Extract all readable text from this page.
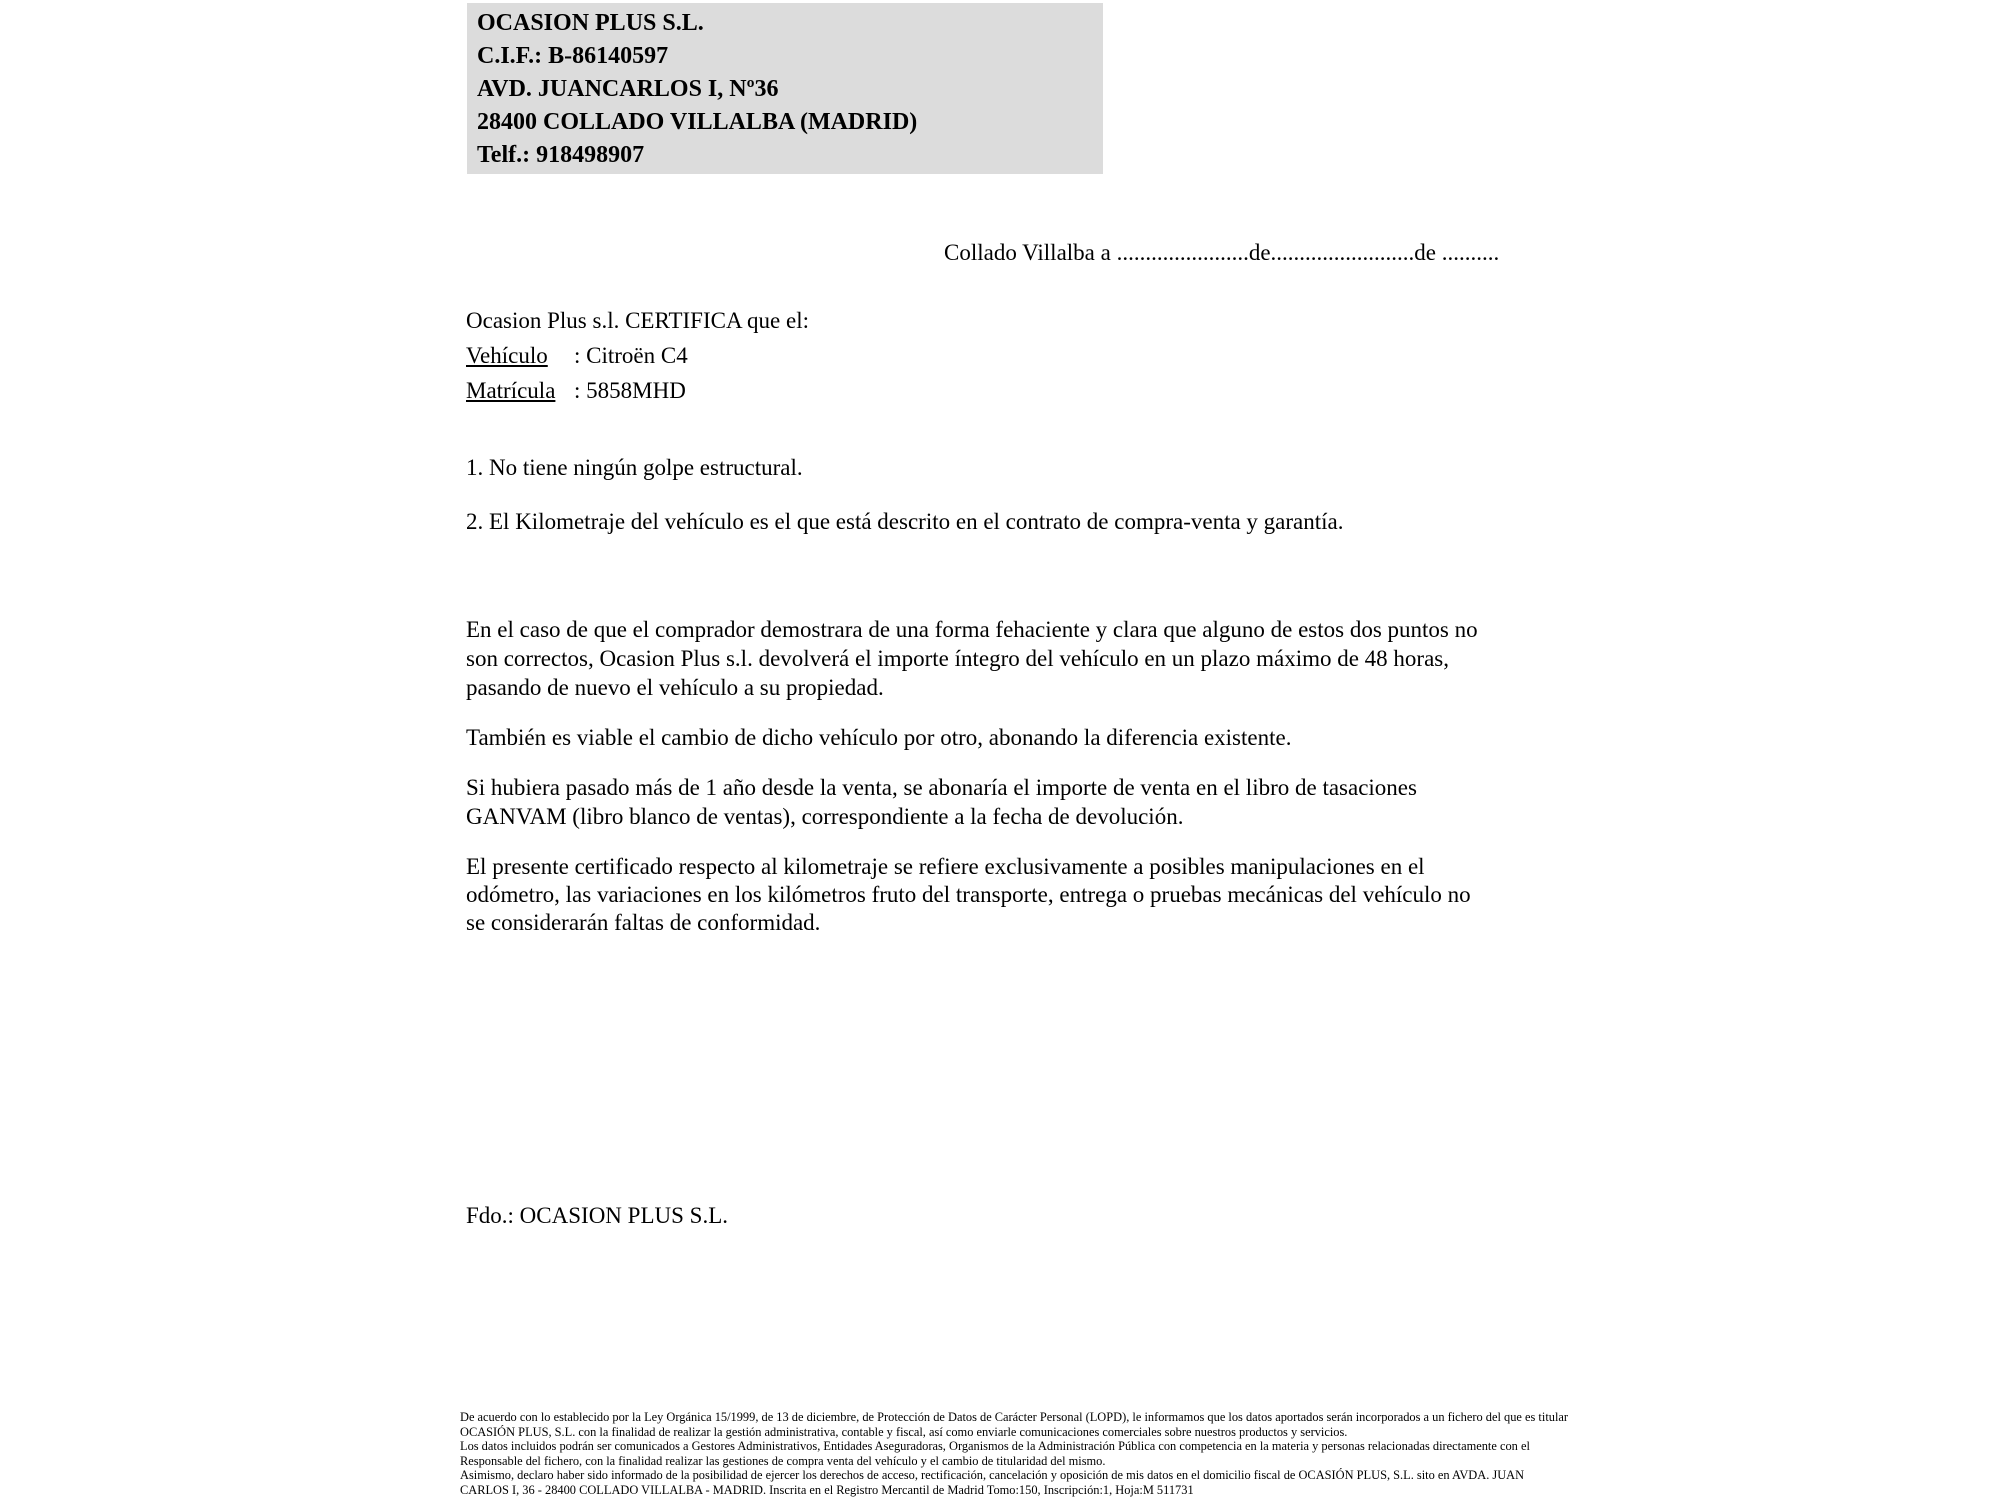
OCASION PLUS S.L.
C.I.F.: B-86140597
AVD. JUANCARLOS I, Nº36
28400 COLLADO VILLALBA (MADRID)
Telf.: 918498907
Collado Villalba a .......................de.........................de ..........
Ocasion Plus s.l. CERTIFICA que el:
Vehículo : Citroën C4
Matrícula : 5858MHD
1. No tiene ningún golpe estructural.
2. El Kilometraje del vehículo es el que está descrito en el contrato de compra-venta y garantía.
En el caso de que el comprador demostrara de una forma fehaciente y clara que alguno de estos dos puntos no
son correctos, Ocasion Plus s.l. devolverá el importe íntegro del vehículo en un plazo máximo de 48 horas,
pasando de nuevo el vehículo a su propiedad.
También es viable el cambio de dicho vehículo por otro, abonando la diferencia existente.
Si hubiera pasado más de 1 año desde la venta, se abonaría el importe de venta en el libro de tasaciones
GANVAM (libro blanco de ventas), correspondiente a la fecha de devolución.
El presente certificado respecto al kilometraje se refiere exclusivamente a posibles manipulaciones en el
odómetro, las variaciones en los kilómetros fruto del transporte, entrega o pruebas mecánicas del vehículo no
se considerarán faltas de conformidad.
Fdo.: OCASION PLUS S.L.
De acuerdo con lo establecido por la Ley Orgánica 15/1999, de 13 de diciembre, de Protección de Datos de Carácter Personal (LOPD), le informamos que los datos aportados serán incorporados a un fichero del que es titular
OCASIÓN PLUS, S.L. con la finalidad de realizar la gestión administrativa, contable y fiscal, así como enviarle comunicaciones comerciales sobre nuestros productos y servicios.
Los datos incluidos podrán ser comunicados a Gestores Administrativos, Entidades Aseguradoras, Organismos de la Administración Pública con competencia en la materia y personas relacionadas directamente con el
Responsable del fichero, con la finalidad realizar las gestiones de compra venta del vehículo y el cambio de titularidad del mismo.
Asimismo, declaro haber sido informado de la posibilidad de ejercer los derechos de acceso, rectificación, cancelación y oposición de mis datos en el domicilio fiscal de OCASIÓN PLUS, S.L. sito en AVDA. JUAN
CARLOS I, 36 - 28400 COLLADO VILLALBA - MADRID. Inscrita en el Registro Mercantil de Madrid Tomo:150, Inscripción:1, Hoja:M 511731
